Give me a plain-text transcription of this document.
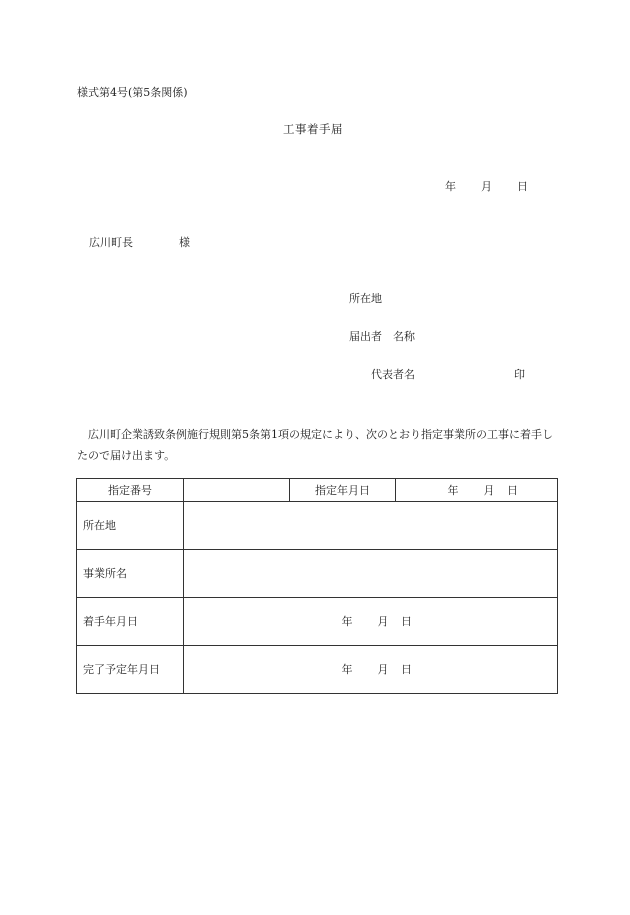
様式第4号(第5条関係)
工事着手届
年 月 日
広川町長	様
所在地
届出者 名称
代表者名	印
広川町企業誘致条例施行規則第5条第1項の規定により、次のとおり指定事業所の工事に着手したので届け出ます。
指定番号		指定年月日	年 月 日
所在地			
事業所名			
着手年月日	年 月 日		
完了予定年月日	年 月 日		
